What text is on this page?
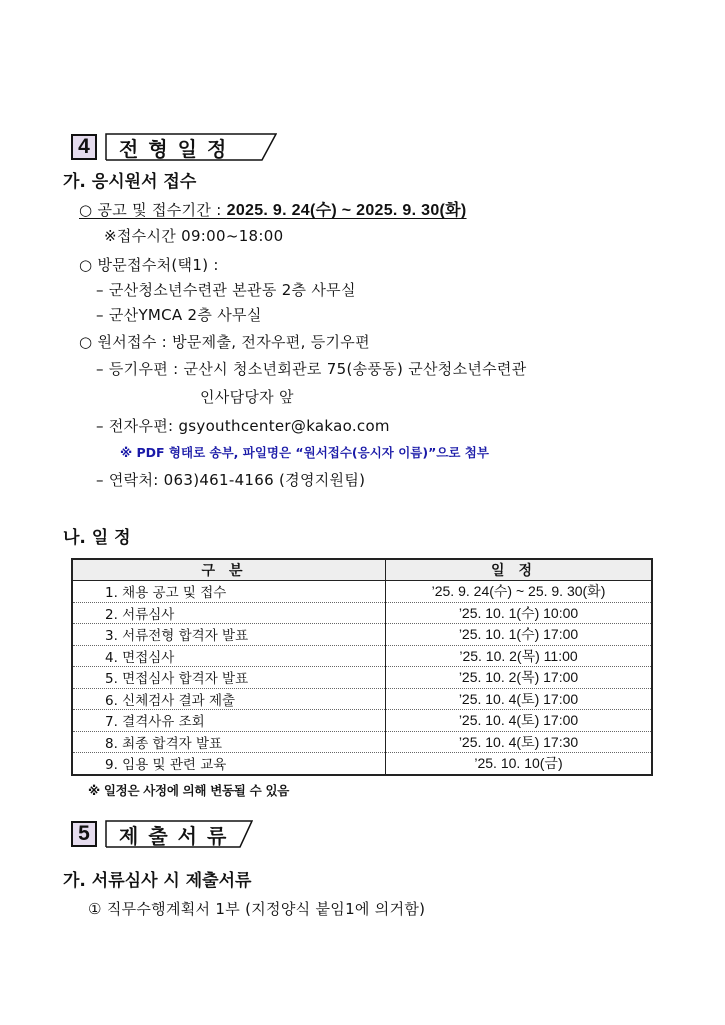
4	전형일정
가. 응시원서 접수
○ 공고 및 접수기간 : 2025. 9. 24(수) ~ 2025. 9. 30(화)
※접수시간 09:00~18:00
○ 방문접수처(택1) :
– 군산청소년수련관 본관동 2층 사무실
– 군산YMCA 2층 사무실
○ 원서접수 : 방문제출, 전자우편, 등기우편
– 등기우편 : 군산시 청소년회관로 75(송풍동) 군산청소년수련관
인사담당자 앞
– 전자우편: gsyouthcenter@kakao.com
※ PDF 형태로 송부, 파일명은 “원서접수(응시자 이름)”으로 첨부
– 연락처: 063)461-4166 (경영지원팀)
나. 일 정
구분	일정
1. 채용 공고 및 접수	’25. 9. 24(수) ~ 25. 9. 30(화)
2. 서류심사	’25. 10. 1(수) 10:00
3. 서류전형 합격자 발표	’25. 10. 1(수) 17:00
4. 면접심사	’25. 10. 2(목) 11:00
5. 면접심사 합격자 발표	’25. 10. 2(목) 17:00
6. 신체검사 결과 제출	’25. 10. 4(토) 17:00
7. 결격사유 조회	’25. 10. 4(토) 17:00
8. 최종 합격자 발표	’25. 10. 4(토) 17:30
9. 임용 및 관련 교육	’25. 10. 10(금)
※ 일정은 사정에 의해 변동될 수 있음
5	제출서류
가. 서류심사 시 제출서류
① 직무수행계획서 1부 (지정양식 붙임1에 의거함)
